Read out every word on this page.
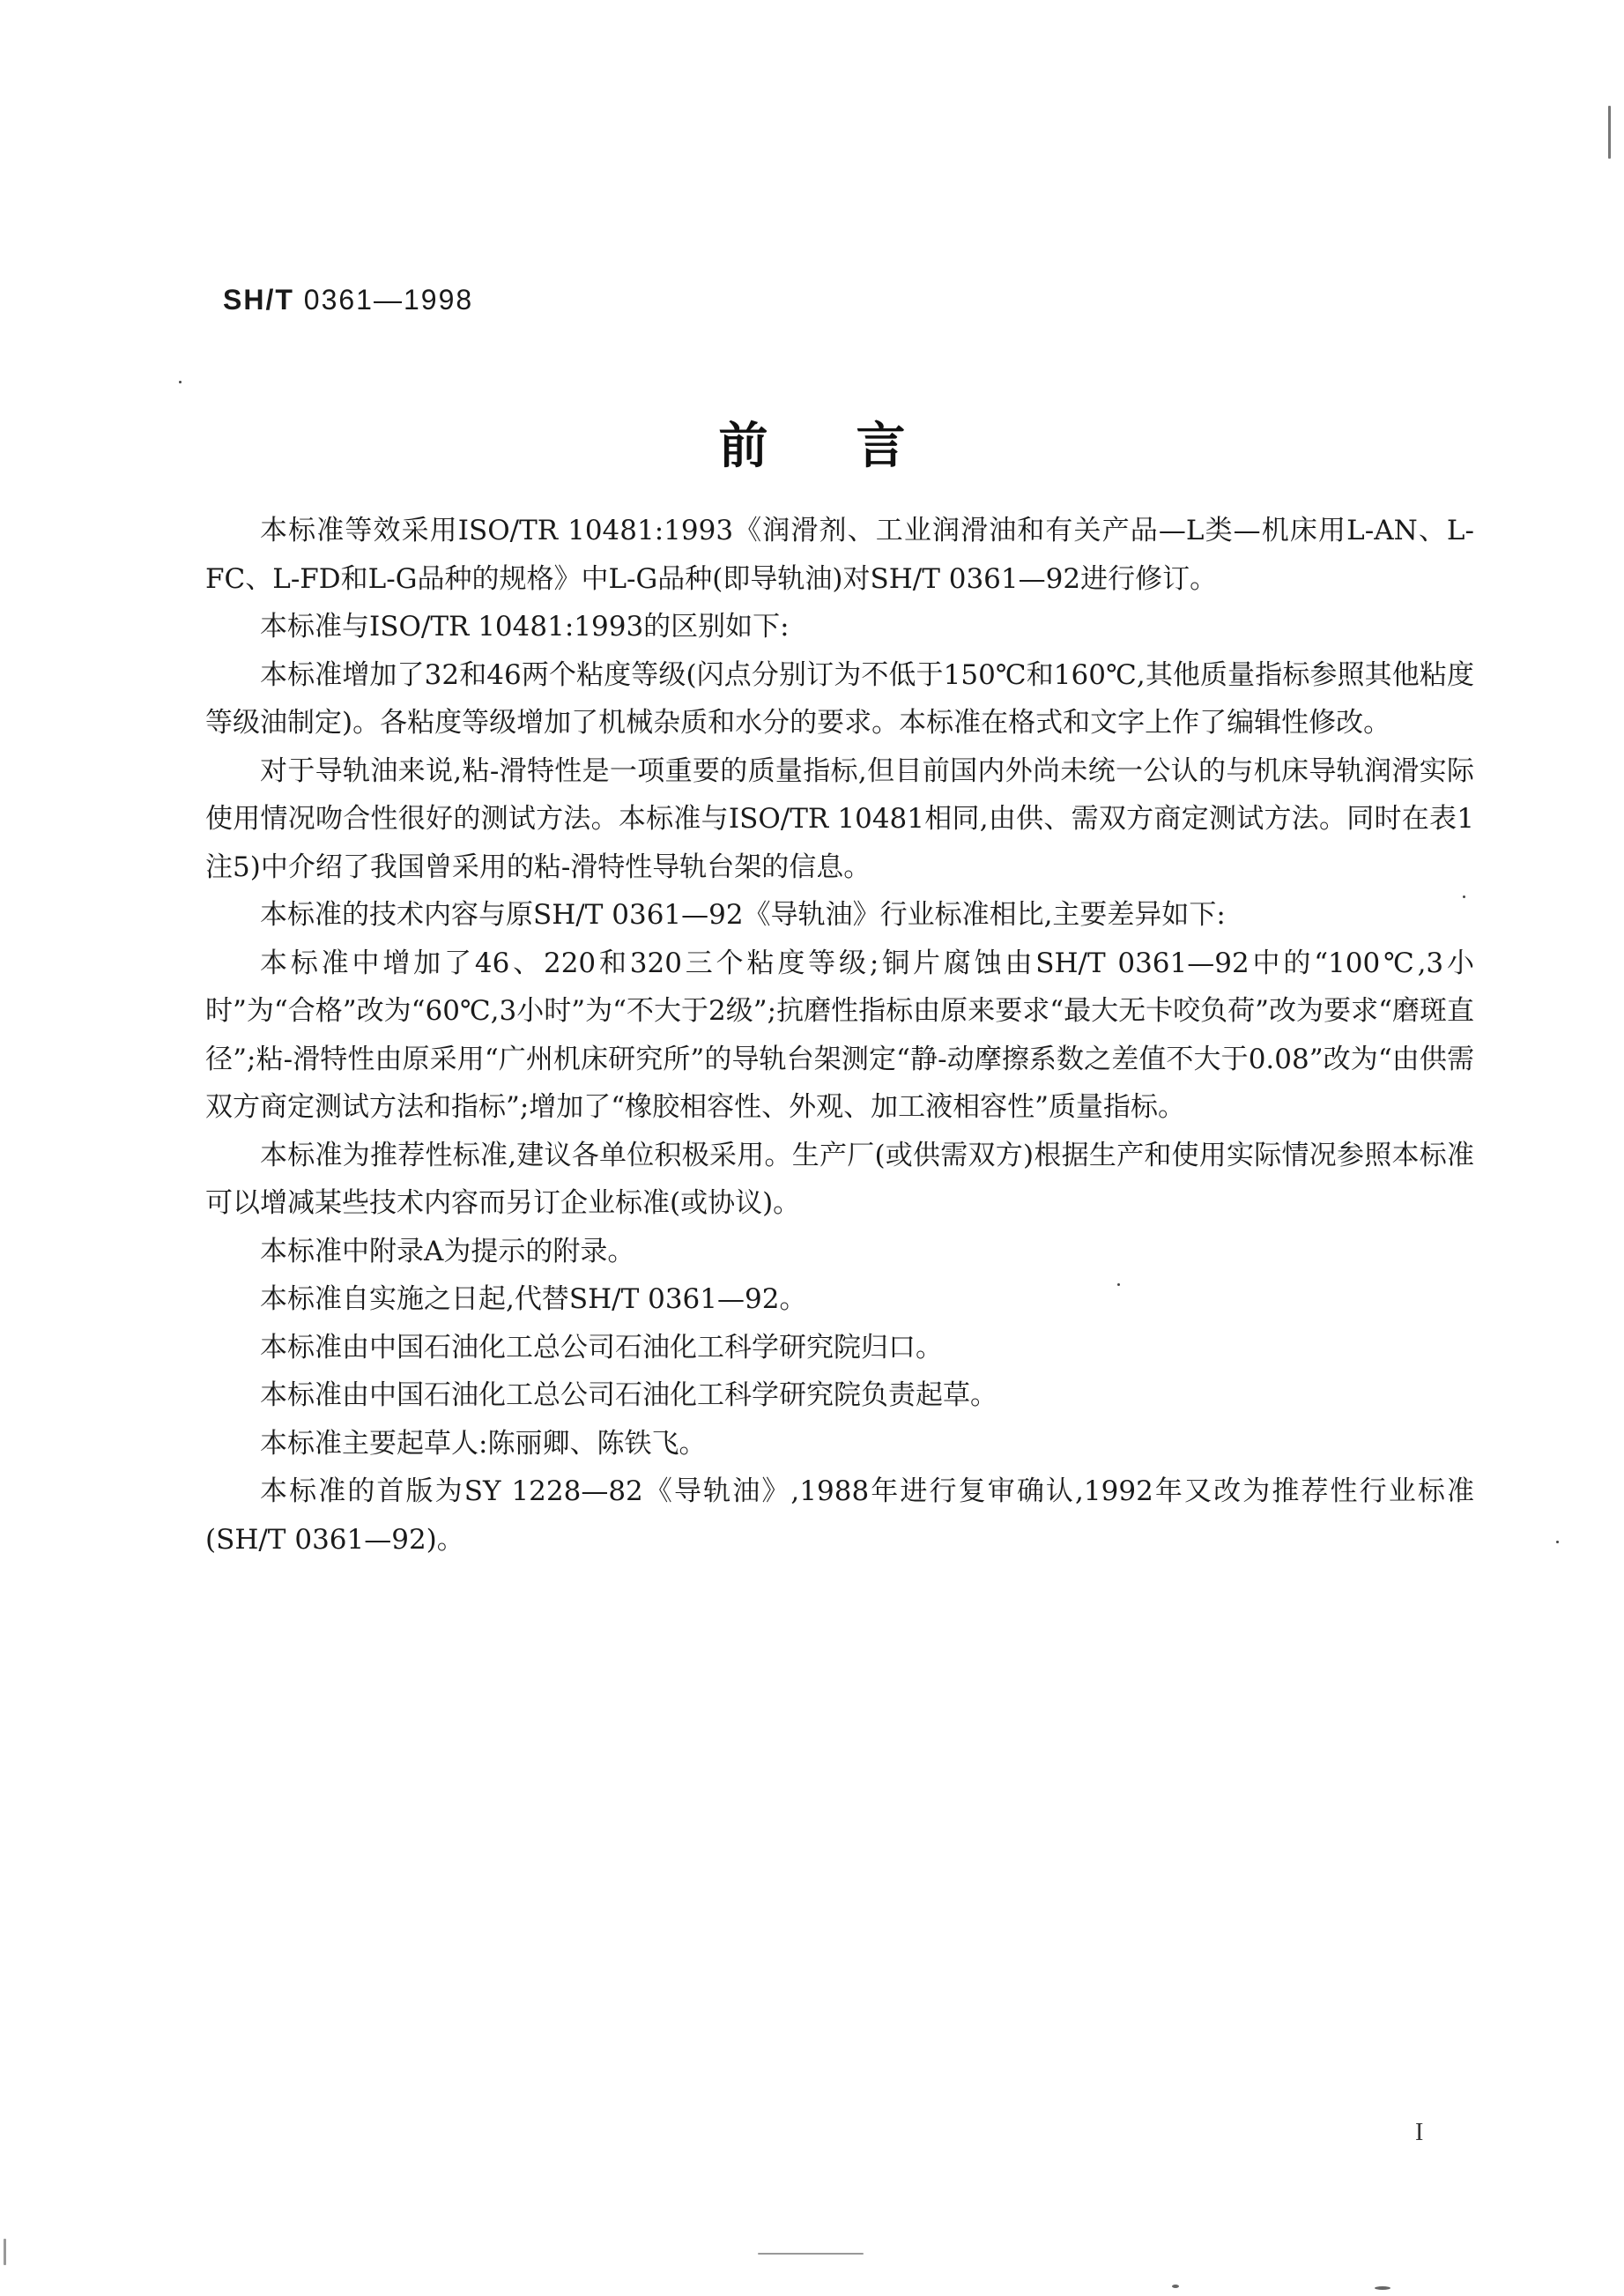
SH/T 0361—1998
前言

本标准等效采用ISO/TR 10481:1993《润滑剂、工业润滑油和有关产品—L类—机床用L-AN、L-FC、L-FD和L-G品种的规格》中L-G品种(即导轨油)对SH/T 0361—92进行修订。

本标准与ISO/TR 10481:1993的区别如下:

本标准增加了32和46两个粘度等级(闪点分别订为不低于150℃和160℃,其他质量指标参照其他粘度等级油制定)。各粘度等级增加了机械杂质和水分的要求。本标准在格式和文字上作了编辑性修改。

对于导轨油来说,粘-滑特性是一项重要的质量指标,但目前国内外尚未统一公认的与机床导轨润滑实际使用情况吻合性很好的测试方法。本标准与ISO/TR 10481相同,由供、需双方商定测试方法。同时在表1注5)中介绍了我国曾采用的粘-滑特性导轨台架的信息。

本标准的技术内容与原SH/T 0361—92《导轨油》行业标准相比,主要差异如下:

本标准中增加了46、220和320三个粘度等级;铜片腐蚀由SH/T 0361—92中的“100℃,3小时”为“合格”改为“60℃,3小时”为“不大于2级”;抗磨性指标由原来要求“最大无卡咬负荷”改为要求“磨斑直径”;粘-滑特性由原采用“广州机床研究所”的导轨台架测定“静-动摩擦系数之差值不大于0.08”改为“由供需双方商定测试方法和指标”;增加了“橡胶相容性、外观、加工液相容性”质量指标。

本标准为推荐性标准,建议各单位积极采用。生产厂(或供需双方)根据生产和使用实际情况参照本标准可以增减某些技术内容而另订企业标准(或协议)。

本标准中附录A为提示的附录。

本标准自实施之日起,代替SH/T 0361—92。

本标准由中国石油化工总公司石油化工科学研究院归口。

本标准由中国石油化工总公司石油化工科学研究院负责起草。

本标准主要起草人:陈丽卿、陈铁飞。

本标准的首版为SY 1228—82《导轨油》,1988年进行复审确认,1992年又改为推荐性行业标准(SH/T 0361—92)。

I
